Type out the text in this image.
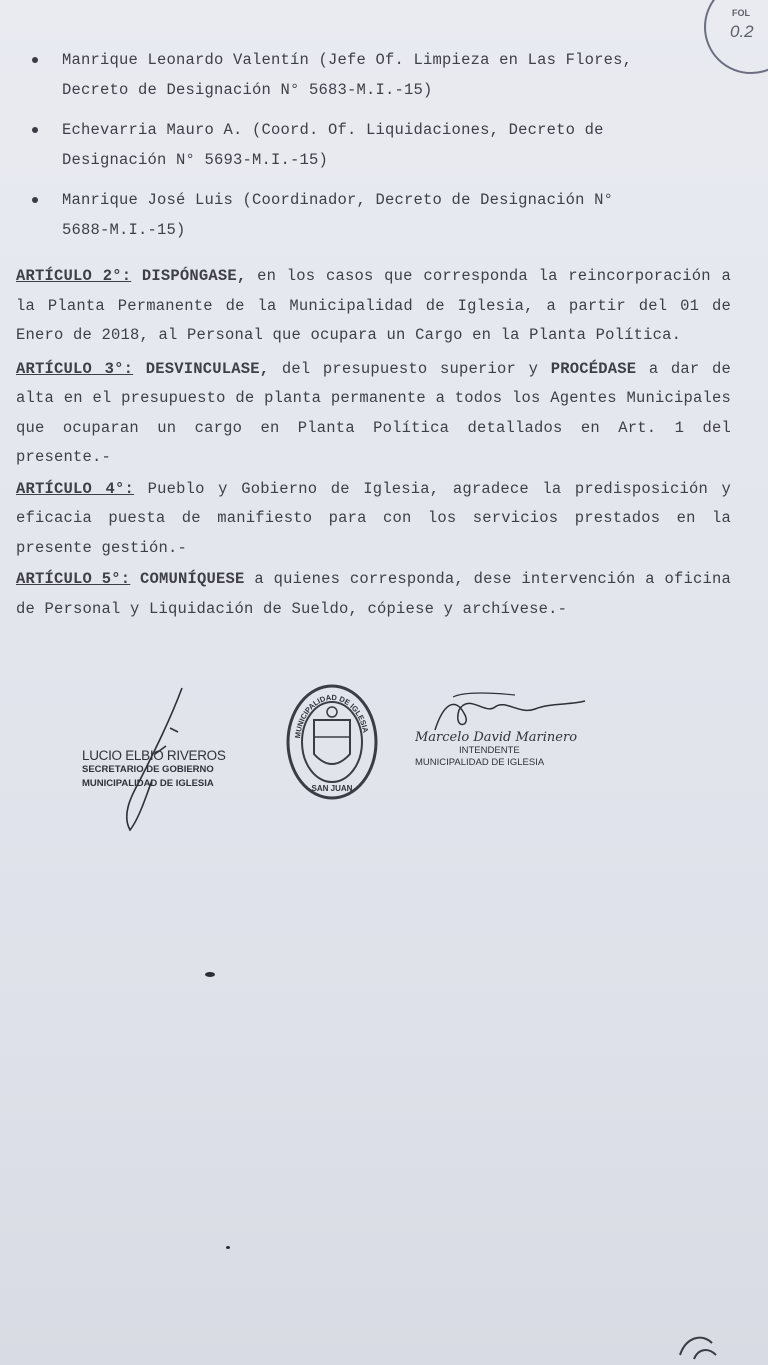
FOL
0.2
Manrique Leonardo Valentín (Jefe Of. Limpieza en Las Flores,
Decreto de Designación N° 5683-M.I.-15)
Echevarria Mauro A. (Coord. Of. Liquidaciones, Decreto de
Designación N° 5693-M.I.-15)
Manrique José Luis (Coordinador, Decreto de Designación N°
5688-M.I.-15)

ARTÍCULO 2°: DISPÓNGASE, en los casos que corresponda la reincorporación a la Planta Permanente de la Municipalidad de Iglesia, a partir del 01 de Enero de 2018, al Personal que ocupara un Cargo en la Planta Política.

ARTÍCULO 3°: DESVINCULASE, del presupuesto superior y PROCÉDASE a dar de alta en el presupuesto de planta permanente a todos los Agentes Municipales que ocuparan un cargo en Planta Política detallados en Art. 1 del presente.-

ARTÍCULO 4°: Pueblo y Gobierno de Iglesia, agradece la predisposición y eficacia puesta de manifiesto para con los servicios prestados en la presente gestión.-

ARTÍCULO 5°: COMUNÍQUESE a quienes corresponda, dese intervención a oficina de Personal y Liquidación de Sueldo, cópiese y archívese.-

LUCIO ELBIO RIVEROS
SECRETARIO DE GOBIERNO
MUNICIPALIDAD DE IGLESIA
MUNICIPALIDAD DE IGLESIA
SAN JUAN
Marcelo David Marinero
INTENDENTE
MUNICIPALIDAD DE IGLESIA
